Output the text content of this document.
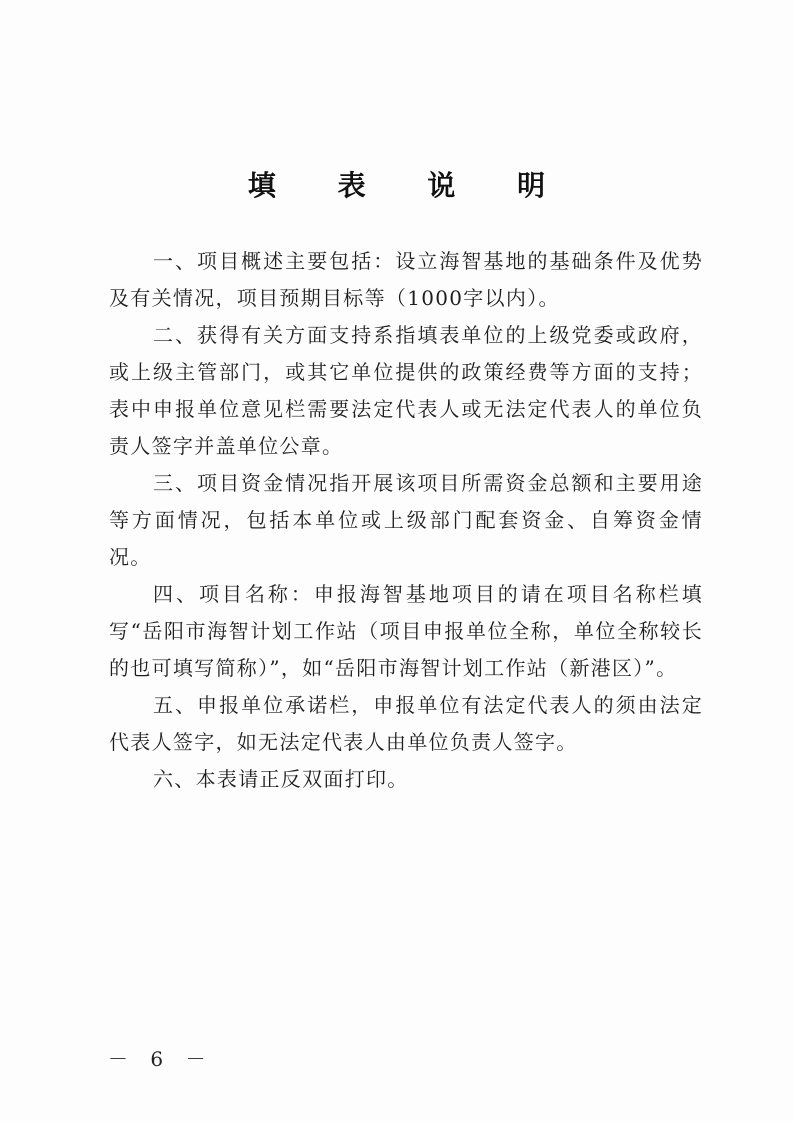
填 表 说 明

一、项目概述主要包括：设立海智基地的基础条件及优势及有关情况，项目预期目标等（1000字以内）。

二、获得有关方面支持系指填表单位的上级党委或政府，或上级主管部门，或其它单位提供的政策经费等方面的支持；表中申报单位意见栏需要法定代表人或无法定代表人的单位负责人签字并盖单位公章。

三、项目资金情况指开展该项目所需资金总额和主要用途等方面情况，包括本单位或上级部门配套资金、自筹资金情况。

四、项目名称：申报海智基地项目的请在项目名称栏填写“岳阳市海智计划工作站（项目申报单位全称，单位全称较长的也可填写简称）”，如“岳阳市海智计划工作站（新港区）”。

五、申报单位承诺栏，申报单位有法定代表人的须由法定代表人签字，如无法定代表人由单位负责人签字。

六、本表请正反双面打印。

－ 6 －
